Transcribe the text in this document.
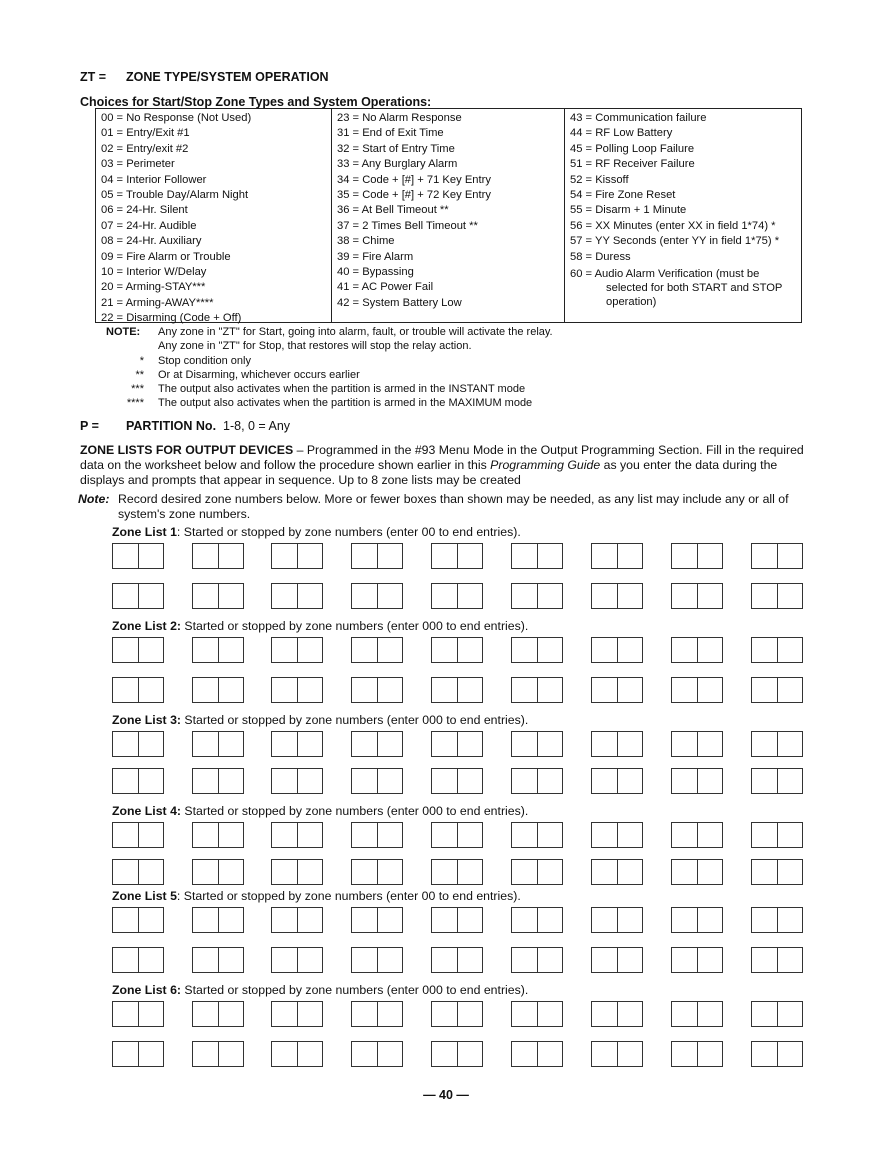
ZT = ZONE TYPE/SYSTEM OPERATION
Choices for Start/Stop Zone Types and System Operations:
00 = No Response (Not Used)
01 = Entry/Exit #1
02 = Entry/exit #2
03 = Perimeter
04 = Interior Follower
05 = Trouble Day/Alarm Night
06 = 24-Hr. Silent
07 = 24-Hr. Audible
08 = 24-Hr. Auxiliary
09 = Fire Alarm or Trouble
10 = Interior W/Delay
20 = Arming-STAY***
21 = Arming-AWAY****
22 = Disarming (Code + Off)
23 = No Alarm Response
31 = End of Exit Time
32 = Start of Entry Time
33 = Any Burglary Alarm
34 = Code + [#] + 71 Key Entry
35 = Code + [#] + 72 Key Entry
36 = At Bell Timeout **
37 = 2 Times Bell Timeout **
38 = Chime
39 = Fire Alarm
40 = Bypassing
41 = AC Power Fail
42 = System Battery Low
43 = Communication failure
44 = RF Low Battery
45 = Polling Loop Failure
51 = RF Receiver Failure
52 = Kissoff
54 = Fire Zone Reset
55 = Disarm + 1 Minute
56 = XX Minutes (enter XX in field 1*74) *
57 = YY Seconds (enter YY in field 1*75) *
58 = Duress
60 = Audio Alarm Verification (must be
selected for both START and STOP
operation)
NOTE: Any zone in "ZT" for Start, going into alarm, fault, or trouble will activate the relay.
Any zone in "ZT" for Stop, that restores will stop the relay action.
* Stop condition only
** Or at Disarming, whichever occurs earlier
*** The output also activates when the partition is armed in the INSTANT mode
**** The output also activates when the partition is armed in the MAXIMUM mode
P = PARTITION No. 1-8, 0 = Any
ZONE LISTS FOR OUTPUT DEVICES – Programmed in the #93 Menu Mode in the Output Programming Section. Fill in the required data on the worksheet below and follow the procedure shown earlier in this Programming Guide as you enter the data during the displays and prompts that appear in sequence. Up to 8 zone lists may be created
Note: Record desired zone numbers below. More or fewer boxes than shown may be needed, as any list may include any or all of system's zone numbers.
Zone List 1: Started or stopped by zone numbers (enter 00 to end entries).
Zone List 2: Started or stopped by zone numbers (enter 000 to end entries).
Zone List 3: Started or stopped by zone numbers (enter 000 to end entries).
Zone List 4: Started or stopped by zone numbers (enter 000 to end entries).
Zone List 5: Started or stopped by zone numbers (enter 00 to end entries).
Zone List 6: Started or stopped by zone numbers (enter 000 to end entries).
— 40 —
